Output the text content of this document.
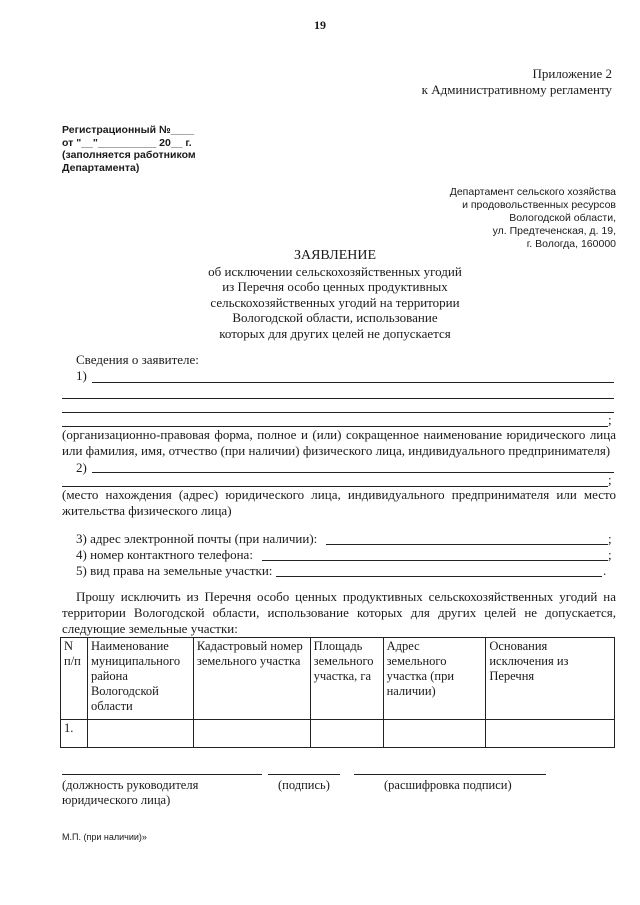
19
Приложение 2
к Административному регламенту
Регистрационный №____
от "__"__________ 20__ г.
(заполняется работником
Департамента)
Департамент сельского хозяйства
и продовольственных ресурсов
Вологодской области,
ул. Предтеченская, д. 19,
г. Вологда, 160000
ЗАЯВЛЕНИЕ
об исключении сельскохозяйственных угодий
из Перечня особо ценных продуктивных
сельскохозяйственных угодий на территории
Вологодской области, использование
которых для других целей не допускается
Сведения о заявителе:
1)
;
(организационно-правовая форма, полное и (или) сокращенное наименование юридического лица или фамилия, имя, отчество (при наличии) физического лица, индивидуального предпринимателя)
2)
;
(место нахождения (адрес) юридического лица, индивидуального предпринимателя или место жительства физического лица)
3) адрес электронной почты (при наличии):	;
4) номер контактного телефона:	;
5) вид права на земельные участки:	.
Прошу исключить из Перечня особо ценных продуктивных сельскохозяйственных угодий на территории Вологодской области, использование которых для других целей не допускается, следующие земельные участки:
N п/п	Наименование муниципального района Вологодской области	Кадастровый номер земельного участка	Площадь земельного участка, га	Адрес земельного участка (при наличии)	Основания исключения из Перечня
1.					
(должность руководителя юридического лица)
(подпись)	(расшифровка подписи)
М.П. (при наличии)»
